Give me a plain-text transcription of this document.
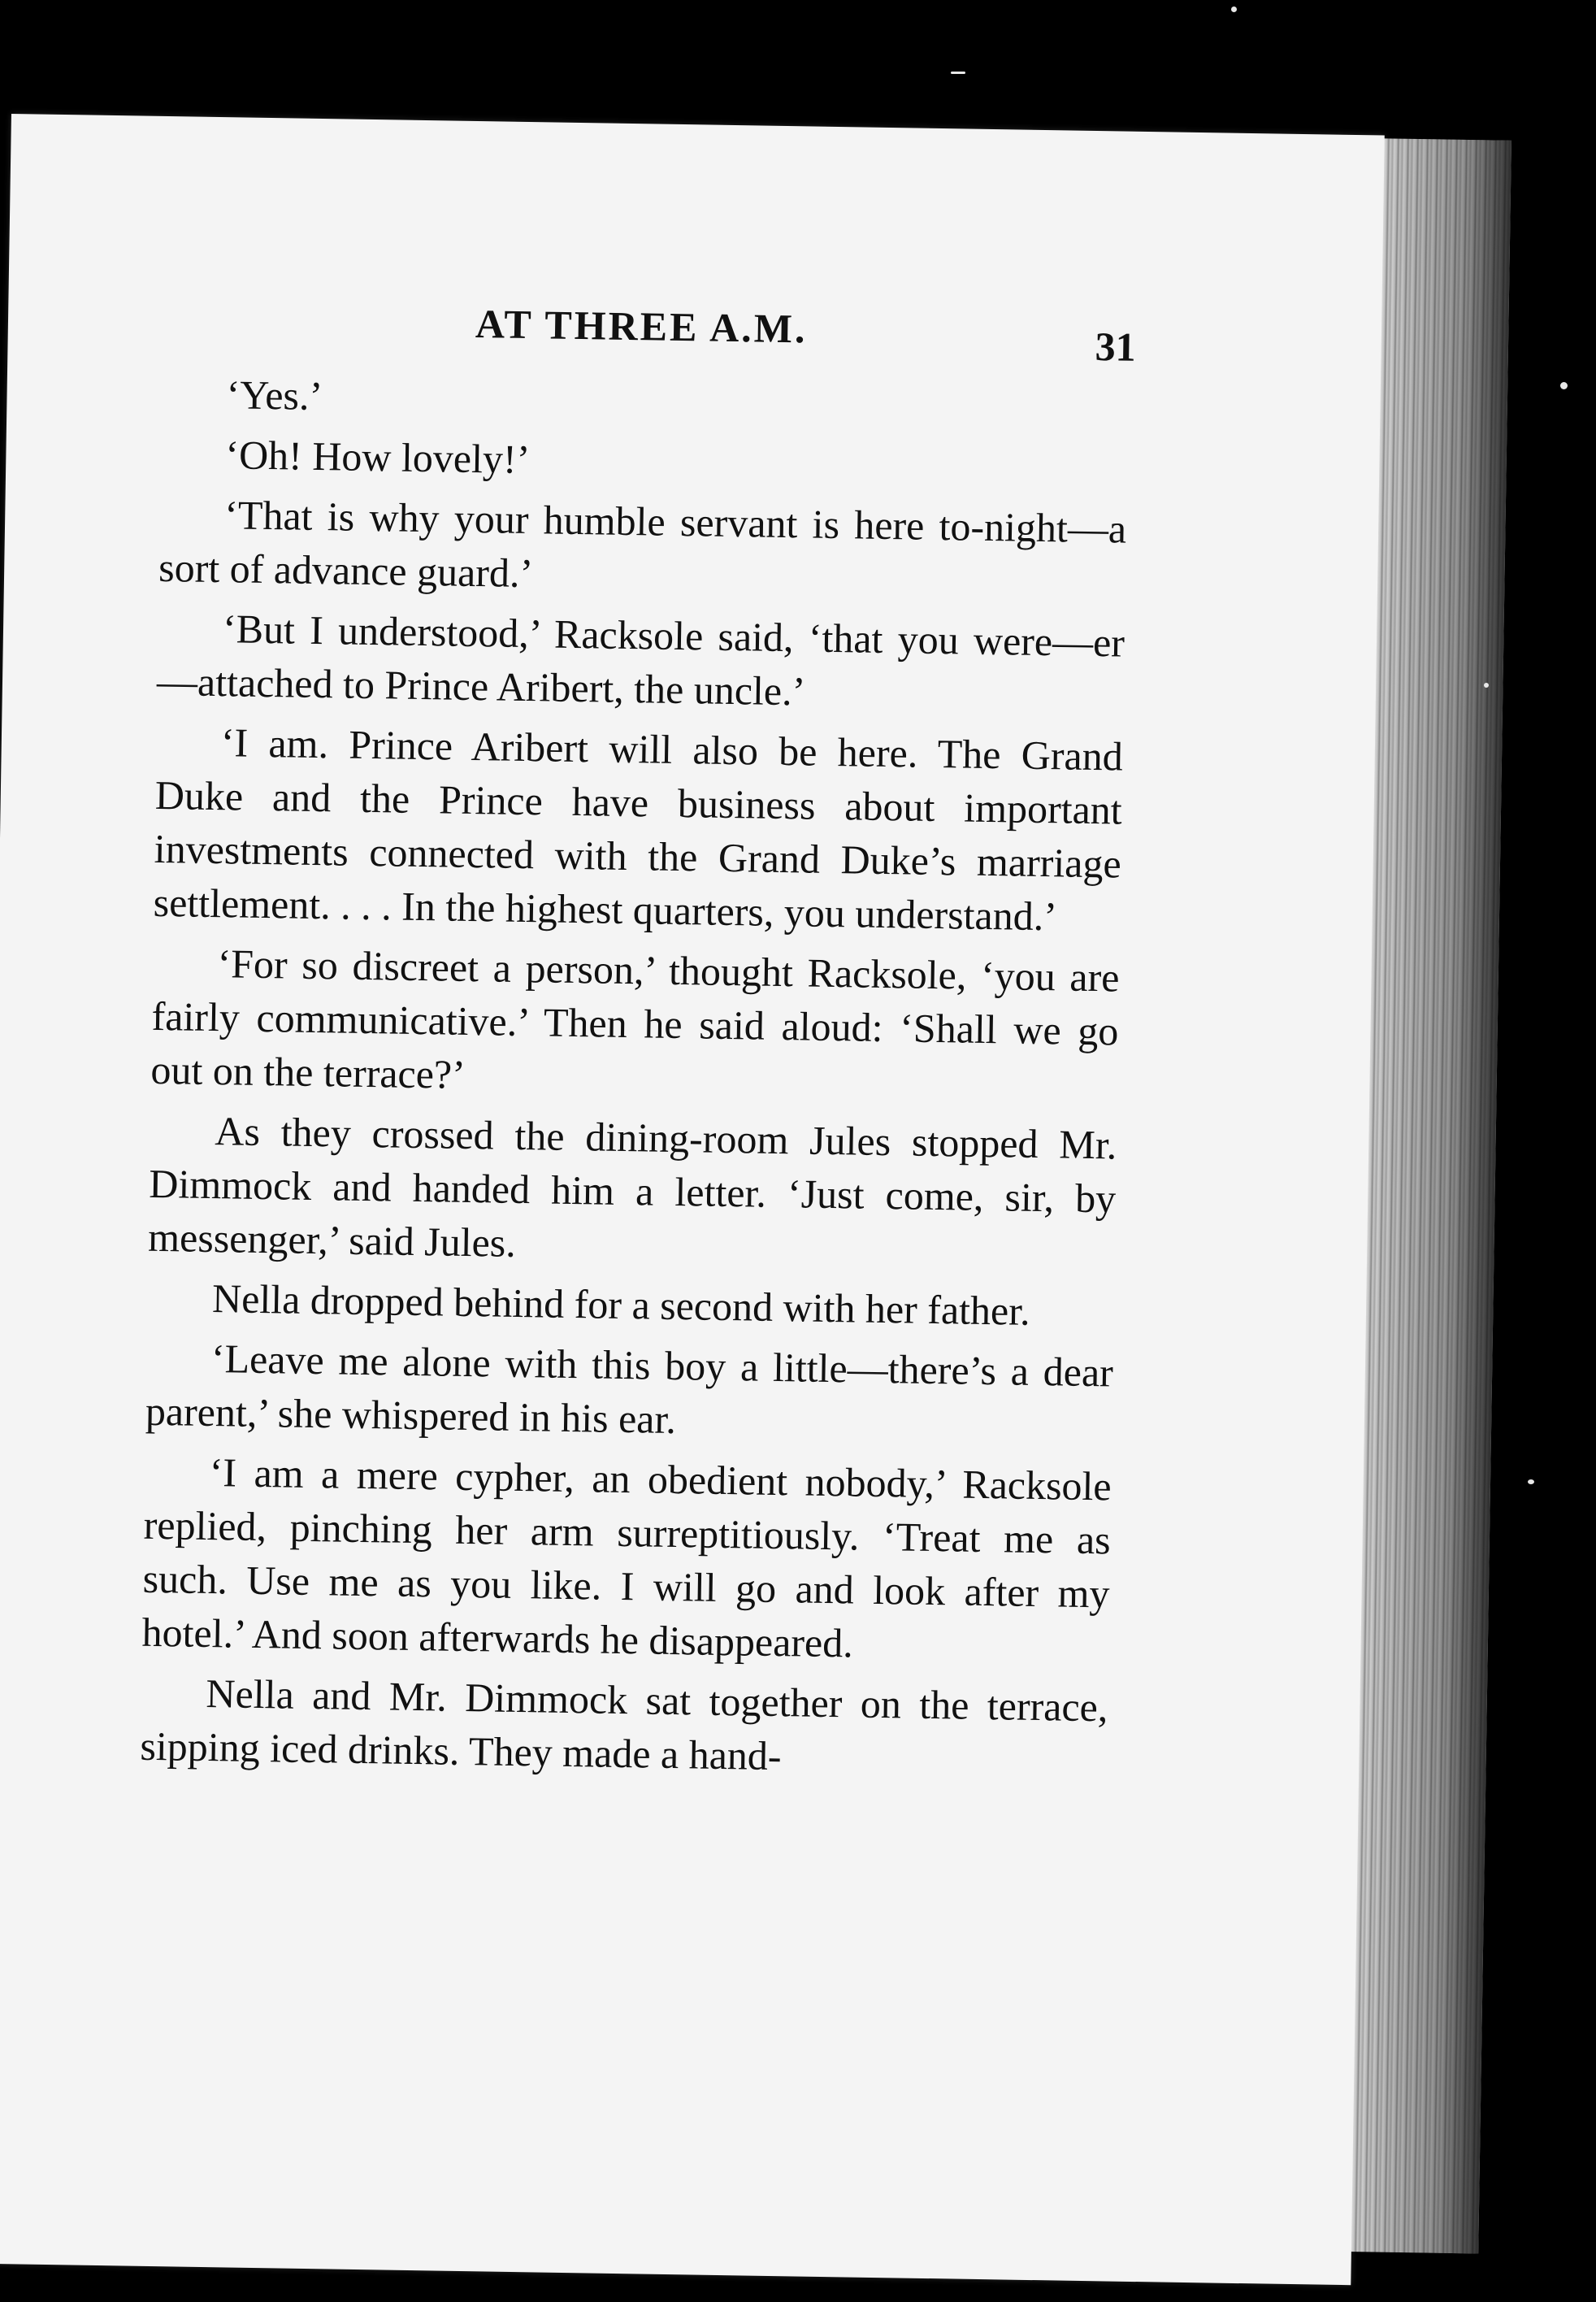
AT THREE A.M.	31

‘Yes.’

‘Oh! How lovely!’

‘That is why your humble servant is here to-night—a sort of advance guard.’

‘But I understood,’ Racksole said, ‘that you were—er—attached to Prince Aribert, the uncle.’

‘I am. Prince Aribert will also be here. The Grand Duke and the Prince have business about important investments connected with the Grand Duke’s marriage settlement. . . . In the highest quarters, you understand.’

‘For so discreet a person,’ thought Racksole, ‘you are fairly communicative.’ Then he said aloud: ‘Shall we go out on the terrace?’

As they crossed the dining-room Jules stopped Mr. Dimmock and handed him a letter. ‘Just come, sir, by messenger,’ said Jules.

Nella dropped behind for a second with her father.

‘Leave me alone with this boy a little—there’s a dear parent,’ she whispered in his ear.

‘I am a mere cypher, an obedient nobody,’ Racksole replied, pinching her arm surreptitiously. ‘Treat me as such. Use me as you like. I will go and look after my hotel.’ And soon afterwards he disappeared.

Nella and Mr. Dimmock sat together on the terrace, sipping iced drinks. They made a hand-
